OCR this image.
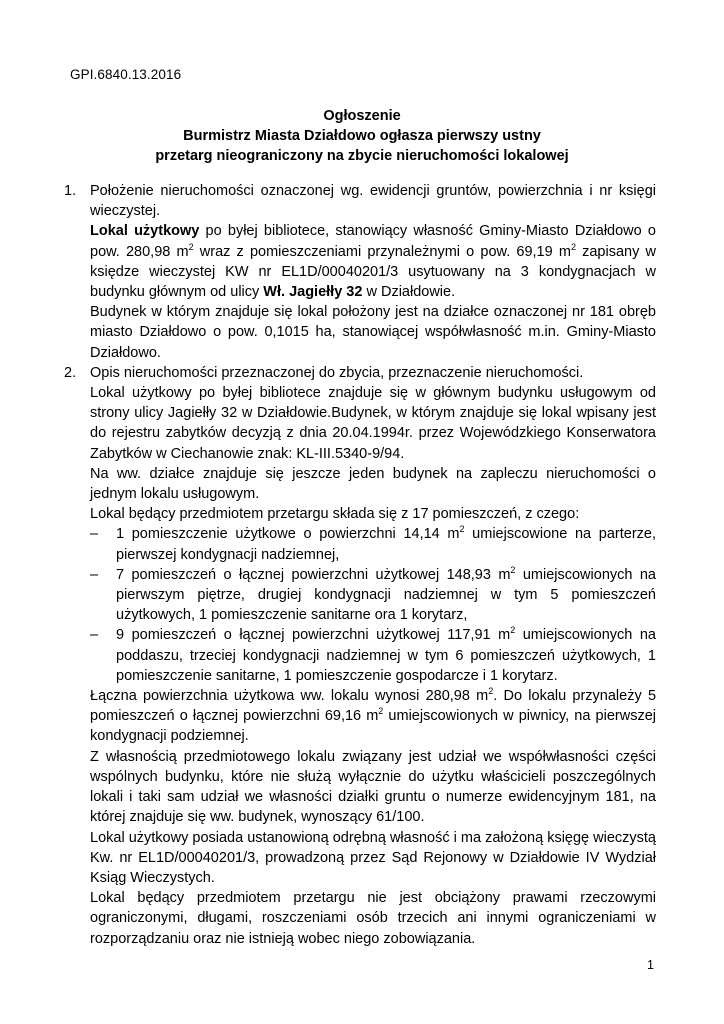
GPI.6840.13.2016
Ogłoszenie
Burmistrz Miasta Działdowo ogłasza pierwszy ustny
przetarg nieograniczony na zbycie nieruchomości lokalowej
1. Położenie nieruchomości oznaczonej wg. ewidencji gruntów, powierzchnia i nr księgi wieczystej.
Lokal użytkowy po byłej bibliotece, stanowiący własność Gminy-Miasto Działdowo o pow. 280,98 $m^2$ wraz z pomieszczeniami przynależnymi o pow. 69,19 $m^2$ zapisany w księdze wieczystej KW nr EL1D/00040201/3 usytuowany na 3 kondygnacjach w budynku głównym od ulicy Wł. Jagiełły 32 w Działdowie.
Budynek w którym znajduje się lokal położony jest na działce oznaczonej nr 181 obręb miasto Działdowo o pow. 0,1015 ha, stanowiącej współwłasność m.in. Gminy-Miasto Działdowo.
2. Opis nieruchomości przeznaczonej do zbycia, przeznaczenie nieruchomości.
Lokal użytkowy po byłej bibliotece znajduje się w głównym budynku usługowym od strony ulicy Jagiełły 32 w Działdowie.Budynek, w którym znajduje się lokal wpisany jest do rejestru zabytków decyzją z dnia 20.04.1994r. przez Wojewódzkiego Konserwatora Zabytków w Ciechanowie znak: KL-III.5340-9/94.
Na ww. działce znajduje się jeszcze jeden budynek na zapleczu nieruchomości o jednym lokalu usługowym.
Lokal będący przedmiotem przetargu składa się z 17 pomieszczeń, z czego:
– 1 pomieszczenie użytkowe o powierzchni 14,14 $m^2$ umiejscowione na parterze, pierwszej kondygnacji nadziemnej,
– 7 pomieszczeń o łącznej powierzchni użytkowej 148,93 $m^2$ umiejscowionych na pierwszym piętrze, drugiej kondygnacji nadziemnej w tym 5 pomieszczeń użytkowych, 1 pomieszczenie sanitarne ora 1 korytarz,
– 9 pomieszczeń o łącznej powierzchni użytkowej 117,91 $m^2$ umiejscowionych na poddaszu, trzeciej kondygnacji nadziemnej w tym 6 pomieszczeń użytkowych, 1 pomieszczenie sanitarne, 1 pomieszczenie gospodarcze i 1 korytarz.
Łączna powierzchnia użytkowa ww. lokalu wynosi 280,98 $m^2$. Do lokalu przynależy 5 pomieszczeń o łącznej powierzchni 69,16 $m^2$ umiejscowionych w piwnicy, na pierwszej kondygnacji podziemnej.
Z własnością przedmiotowego lokalu związany jest udział we współwłasności części wspólnych budynku, które nie służą wyłącznie do użytku właścicieli poszczególnych lokali i taki sam udział we własności działki gruntu o numerze ewidencyjnym 181, na której znajduje się ww. budynek, wynoszący 61/100.
Lokal użytkowy posiada ustanowioną odrębną własność i ma założoną księgę wieczystą Kw. nr EL1D/00040201/3, prowadzoną przez Sąd Rejonowy w Działdowie IV Wydział Ksiąg Wieczystych.
Lokal będący przedmiotem przetargu nie jest obciążony prawami rzeczowymi ograniczonymi, długami, roszczeniami osób trzecich ani innymi ograniczeniami w rozporządzaniu oraz nie istnieją wobec niego zobowiązania.
1
